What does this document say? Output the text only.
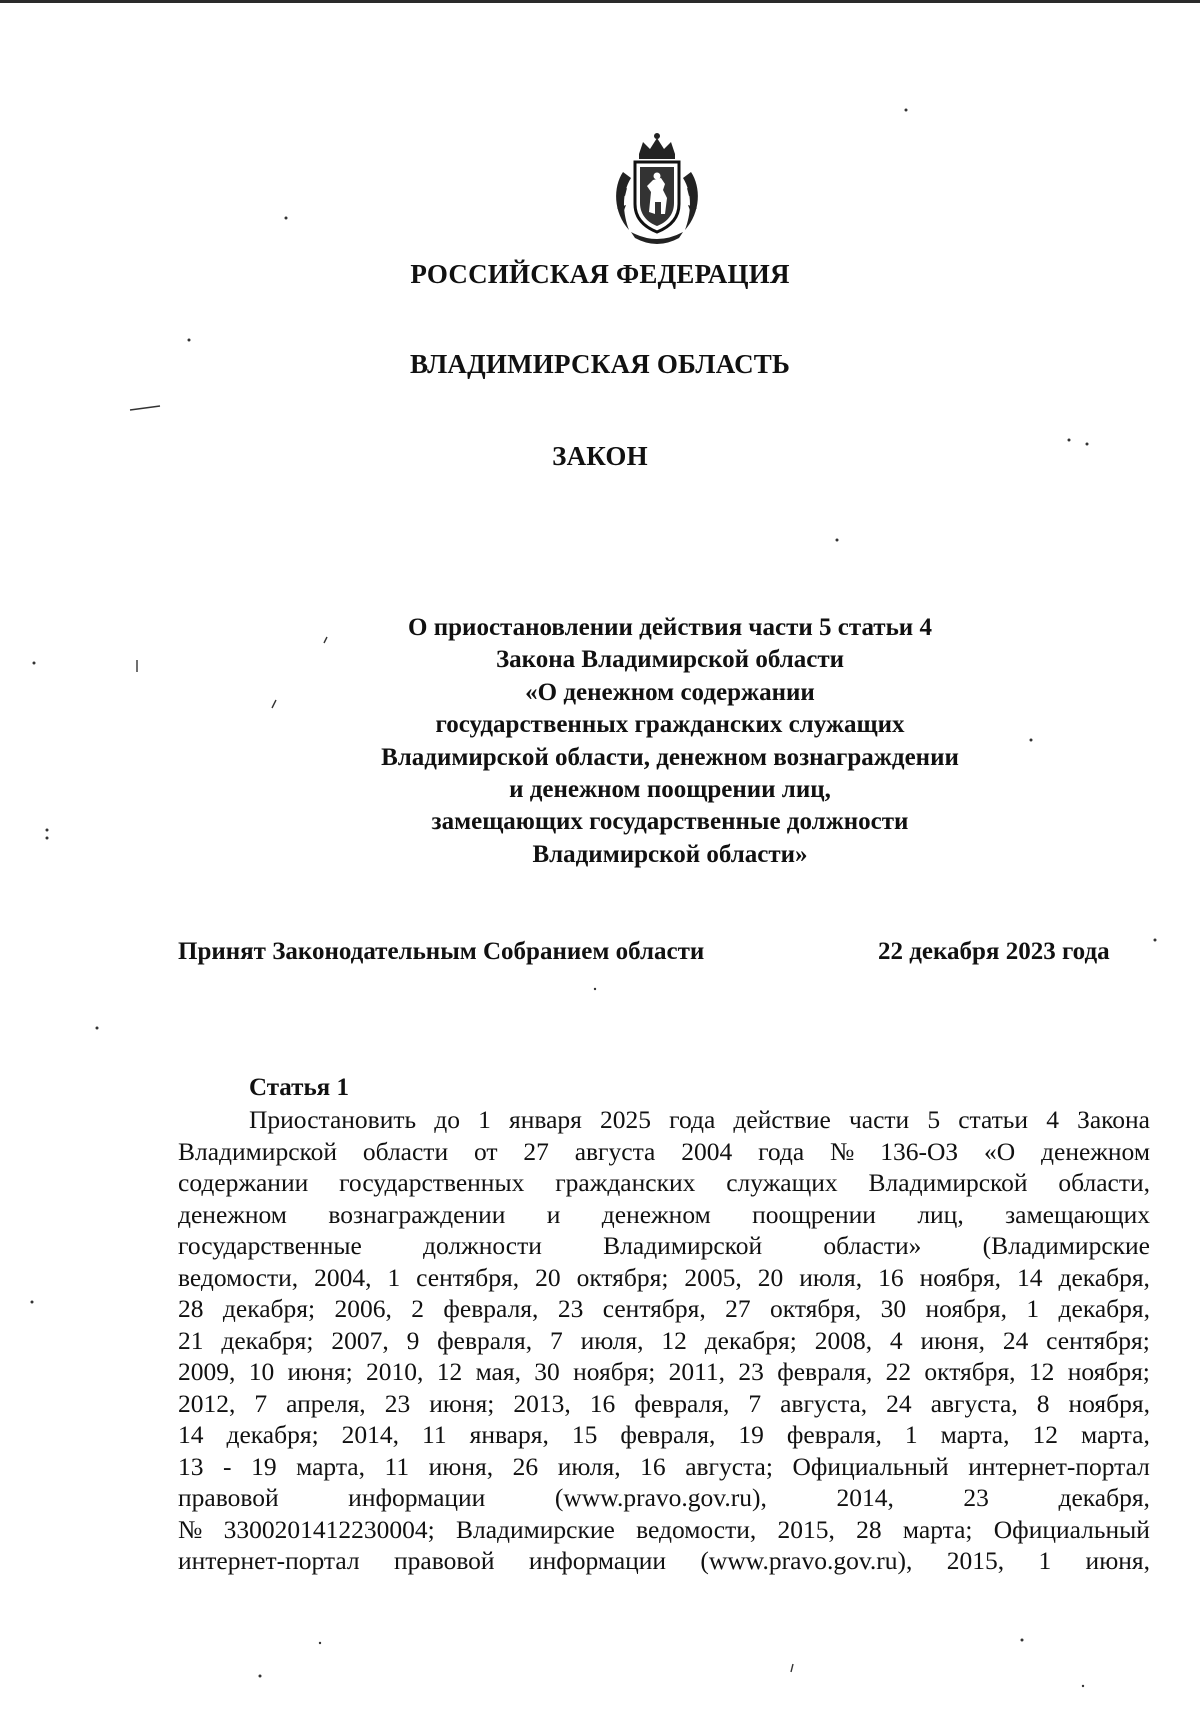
РОССИЙСКАЯ ФЕДЕРАЦИЯ
ВЛАДИМИРСКАЯ ОБЛАСТЬ
ЗАКОН
О приостановлении действия части 5 статьи 4
Закона Владимирской области
«О денежном содержании
государственных гражданских служащих
Владимирской области, денежном вознаграждении
и денежном поощрении лиц,
замещающих государственные должности
Владимирской области»
Принят Законодательным Собранием области	22 декабря 2023 года
Статья 1
Приостановить до 1 января 2025 года действие части 5 статьи 4 Закона
Владимирской области от 27 августа 2004 года № 136-ОЗ «О денежном
содержании государственных гражданских служащих Владимирской области,
денежном вознаграждении и денежном поощрении лиц, замещающих
государственные должности Владимирской области» (Владимирские
ведомости, 2004, 1 сентября, 20 октября; 2005, 20 июля, 16 ноября, 14 декабря,
28 декабря; 2006, 2 февраля, 23 сентября, 27 октября, 30 ноября, 1 декабря,
21 декабря; 2007, 9 февраля, 7 июля, 12 декабря; 2008, 4 июня, 24 сентября;
2009, 10 июня; 2010, 12 мая, 30 ноября; 2011, 23 февраля, 22 октября, 12 ноября;
2012, 7 апреля, 23 июня; 2013, 16 февраля, 7 августа, 24 августа, 8 ноября,
14 декабря; 2014, 11 января, 15 февраля, 19 февраля, 1 марта, 12 марта,
13 - 19 марта, 11 июня, 26 июля, 16 августа; Официальный интернет-портал
правовой	информации	(www.pravo.gov.ru),	2014,	23	декабря,
№ 3300201412230004; Владимирские ведомости, 2015, 28 марта; Официальный
интернет-портал правовой информации (www.pravo.gov.ru), 2015, 1 июня,
